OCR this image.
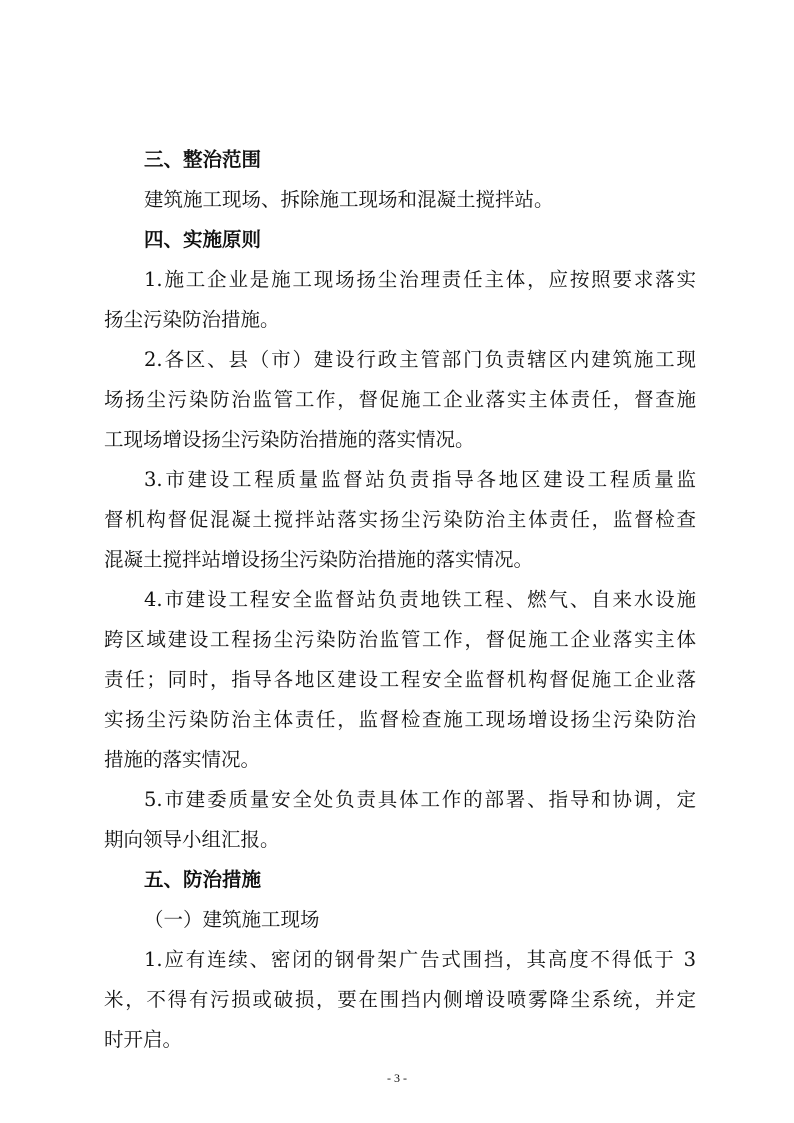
三、整治范围
建筑施工现场、拆除施工现场和混凝土搅拌站。
四、实施原则
1.施工企业是施工现场扬尘治理责任主体，应按照要求落实
扬尘污染防治措施。
2.各区、县（市）建设行政主管部门负责辖区内建筑施工现
场扬尘污染防治监管工作，督促施工企业落实主体责任，督查施
工现场增设扬尘污染防治措施的落实情况。
3.市建设工程质量监督站负责指导各地区建设工程质量监
督机构督促混凝土搅拌站落实扬尘污染防治主体责任，监督检查
混凝土搅拌站增设扬尘污染防治措施的落实情况。
4.市建设工程安全监督站负责地铁工程、燃气、自来水设施
跨区域建设工程扬尘污染防治监管工作，督促施工企业落实主体
责任；同时，指导各地区建设工程安全监督机构督促施工企业落
实扬尘污染防治主体责任，监督检查施工现场增设扬尘污染防治
措施的落实情况。
5.市建委质量安全处负责具体工作的部署、指导和协调，定
期向领导小组汇报。
五、防治措施
（一）建筑施工现场
1.应有连续、密闭的钢骨架广告式围挡，其高度不得低于 3
米，不得有污损或破损，要在围挡内侧增设喷雾降尘系统，并定
时开启。
- 3 -
